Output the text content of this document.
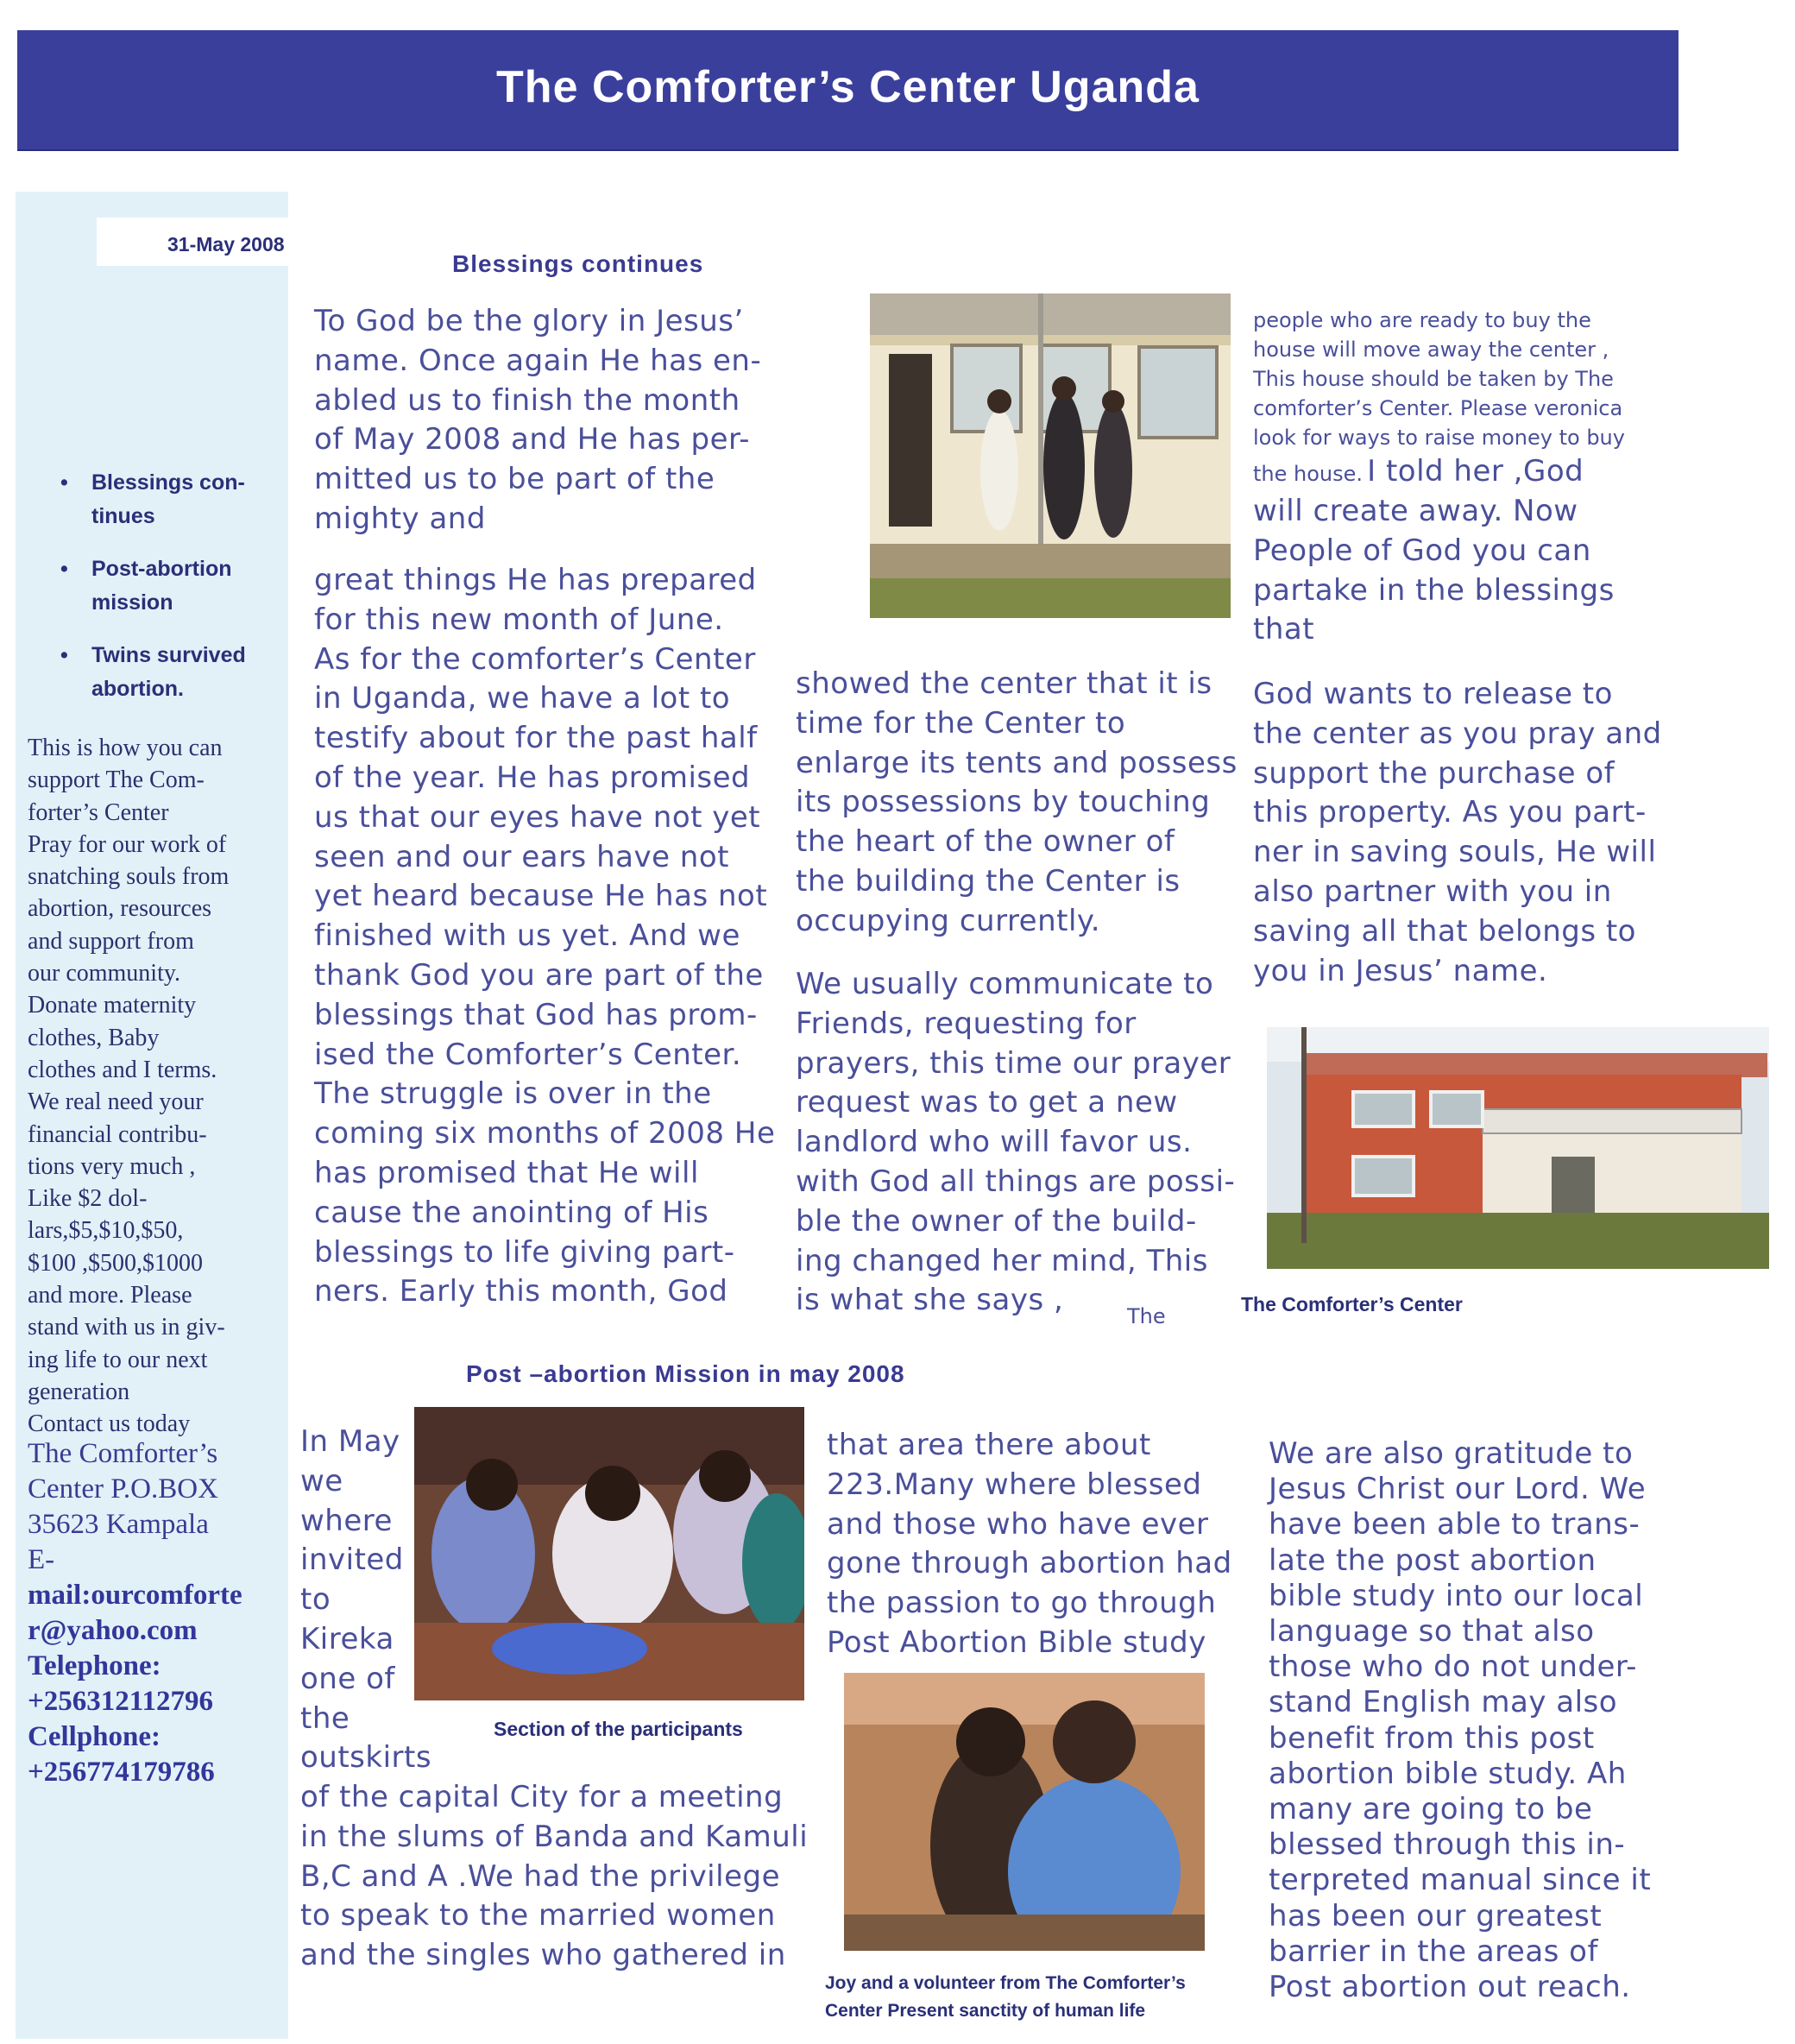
The Comforter’s Center Uganda
31-May 2008
• Blessings con-
tinues
• Post-abortion
mission
• Twins survived
abortion.
This is how you can
support The Com-
forter’s Center
Pray for our work of
snatching souls from
abortion, resources
and support from
our community.
Donate maternity
clothes, Baby
clothes and I terms.
We real need your
financial contribu-
tions very much ,
Like $2 dol-
lars,$5,$10,$50,
$100 ,$500,$1000
and more. Please
stand with us in giv-
ing life to our next
generation
Contact us today
The Comforter’s
Center P.O.BOX
35623 Kampala
E-
mail:ourcomforte
r@yahoo.com
Telephone:
+256312112796
Cellphone:
+256774179786
Blessings continues
To God be the glory in Jesus’
name. Once again He has en-
abled us to finish the month
of May 2008 and He has per-
mitted us to be part of the
mighty and
great things He has prepared
for this new month of June.
As for the comforter’s Center
in Uganda, we have a lot to
testify about for the past half
of the year. He has promised
us that our eyes have not yet
seen and our ears have not
yet heard because He has not
finished with us yet. And we
thank God you are part of the
blessings that God has prom-
ised the Comforter’s Center.
The struggle is over in the
coming six months of 2008 He
has promised that He will
cause the anointing of His
blessings to life giving part-
ners. Early this month, God
showed the center that it is
time for the Center to
enlarge its tents and possess
its possessions by touching
the heart of the owner of
the building the Center is
occupying currently.
We usually communicate to
Friends, requesting for
prayers, this time our prayer
request was to get a new
landlord who will favor us.
with God all things are possi-
ble the owner of the build-
ing changed her mind, This
is what she says ,	The
people who are ready to buy the
house will move away the center ,
This house should be taken by The
comforter’s Center. Please veronica
look for ways to raise money to buy
the house. I told her ,God
will create away. Now
People of God you can
partake in the blessings
that
God wants to release to
the center as you pray and
support the purchase of
this property. As you part-
ner in saving souls, He will
also partner with you in
saving all that belongs to
you in Jesus’ name.
The Comforter’s Center
Post –abortion Mission in may 2008
In May
we
where
invited
to
Kireka
one of
the
outskirts
Section of the participants
of the capital City for a meeting
in the slums of Banda and Kamuli
B,C and A .We had the privilege
to speak to the married women
and the singles who gathered in
that area there about
223.Many where blessed
and those who have ever
gone through abortion had
the passion to go through
Post Abortion Bible study
Joy and a volunteer from The Comforter’s
Center Present sanctity of human life
We are also gratitude to
Jesus Christ our Lord. We
have been able to trans-
late the post abortion
bible study into our local
language so that also
those who do not under-
stand English may also
benefit from this post
abortion bible study. Ah
many are going to be
blessed through this in-
terpreted manual since it
has been our greatest
barrier in the areas of
Post abortion out reach.
